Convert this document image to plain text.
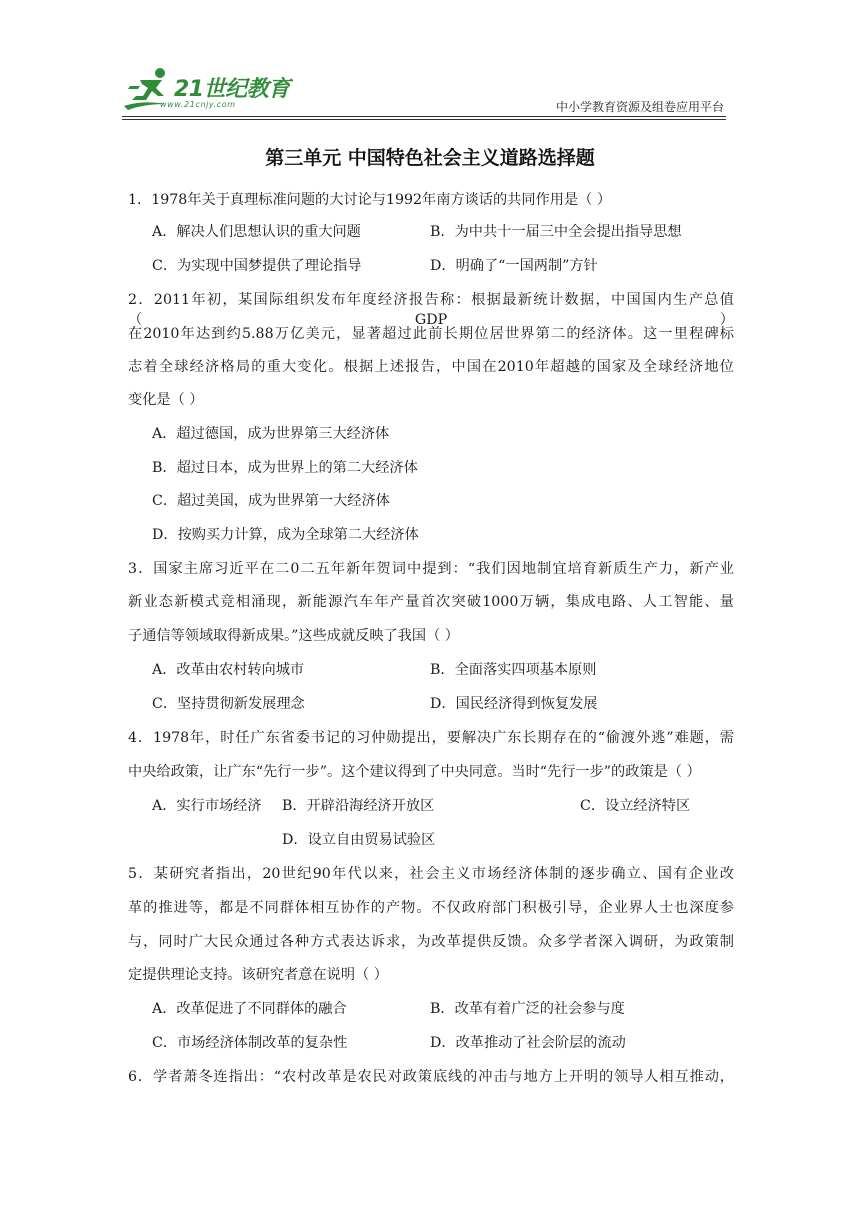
21世纪教育
www.21cnjy.com	中小学教育资源及组卷应用平台
第三单元 中国特色社会主义道路选择题
1．1978年关于真理标准问题的大讨论与1992年南方谈话的共同作用是（ ）
A．解决人们思想认识的重大问题	B．为中共十一届三中全会提出指导思想
C．为实现中国梦提供了理论指导	D．明确了“一国两制”方针
2．2011年初，某国际组织发布年度经济报告称：根据最新统计数据，中国国内生产总值（GDP）
在2010年达到约5.88万亿美元，显著超过此前长期位居世界第二的经济体。这一里程碑标
志着全球经济格局的重大变化。根据上述报告，中国在2010年超越的国家及全球经济地位
变化是（ ）
A．超过德国，成为世界第三大经济体
B．超过日本，成为世界上的第二大经济体
C．超过美国，成为世界第一大经济体
D．按购买力计算，成为全球第二大经济体
3．国家主席习近平在二0二五年新年贺词中提到：“我们因地制宜培育新质生产力，新产业
新业态新模式竞相涌现，新能源汽车年产量首次突破1000万辆，集成电路、人工智能、量
子通信等领域取得新成果。”这些成就反映了我国（ ）
A．改革由农村转向城市	B．全面落实四项基本原则
C．坚持贯彻新发展理念	D．国民经济得到恢复发展
4．1978年，时任广东省委书记的习仲勋提出，要解决广东长期存在的“偷渡外逃”难题，需
中央给政策，让广东“先行一步”。这个建议得到了中央同意。当时“先行一步”的政策是（ ）
A．实行市场经济 B．开辟沿海经济开放区	C．设立经济特区
D．设立自由贸易试验区
5．某研究者指出，20世纪90年代以来，社会主义市场经济体制的逐步确立、国有企业改
革的推进等，都是不同群体相互协作的产物。不仅政府部门积极引导，企业界人士也深度参
与，同时广大民众通过各种方式表达诉求，为改革提供反馈。众多学者深入调研，为政策制
定提供理论支持。该研究者意在说明（ ）
A．改革促进了不同群体的融合	B．改革有着广泛的社会参与度
C．市场经济体制改革的复杂性	D．改革推动了社会阶层的流动
6．学者萧冬连指出：“农村改革是农民对政策底线的冲击与地方上开明的领导人相互推动，
